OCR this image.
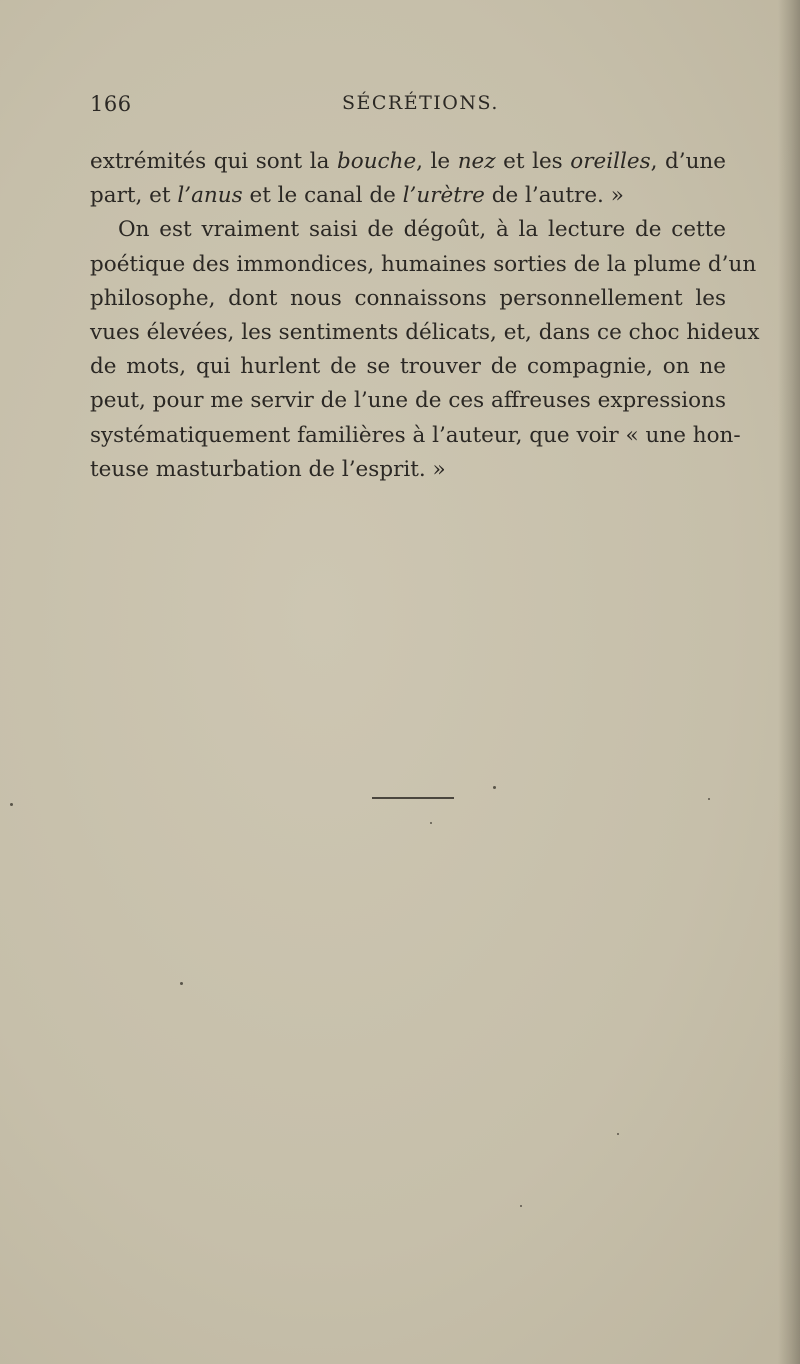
166	SÉCRÉTIONS.
extrémités qui sont la bouche, le nez et les oreilles, d’une
part, et l’anus et le canal de l’urètre de l’autre. »
On est vraiment saisi de dégoût, à la lecture de cette
poétique des immondices, humaines sorties de la plume d’un
philosophe, dont nous connaissons personnellement les
vues élevées, les sentiments délicats, et, dans ce choc hideux
de mots, qui hurlent de se trouver de compagnie, on ne
peut, pour me servir de l’une de ces affreuses expressions
systématiquement familières à l’auteur, que voir « une hon-
teuse masturbation de l’esprit. »
